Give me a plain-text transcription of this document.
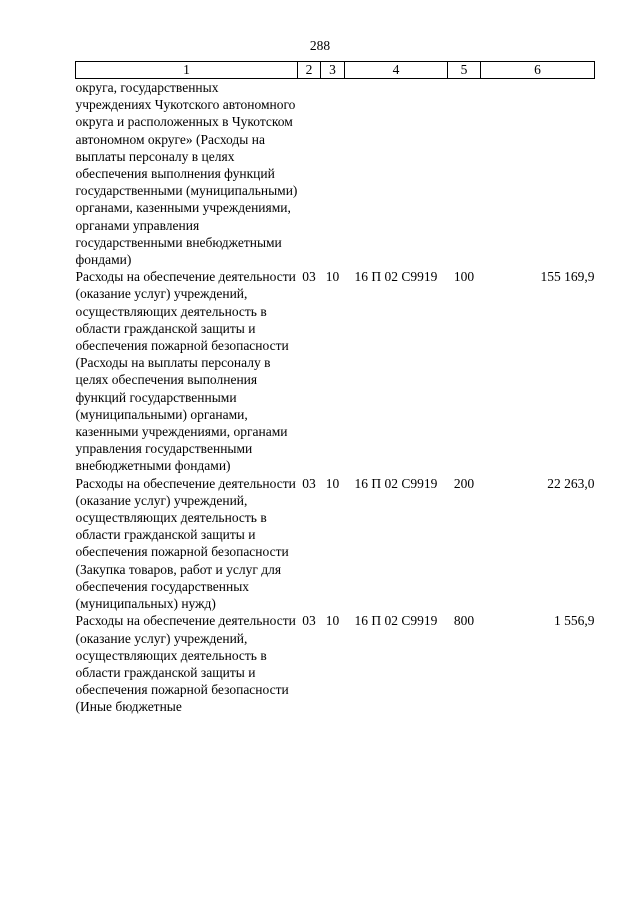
288
1	2	3	4	5	6
округа, государственных учреждениях Чукотского автономного округа и расположенных в Чукотском автономном округе» (Расходы на выплаты персоналу в целях обеспечения выполнения функций государственными (муниципальными) органами, казенными учреждениями, органами управления государственными внебюджетными фондами)					
Расходы на обеспечение деятельности (оказание услуг) учреждений, осуществляющих деятельность в области гражданской защиты и обеспечения пожарной безопасности (Расходы на выплаты персоналу в целях обеспечения выполнения функций государственными (муниципальными) органами, казенными учреждениями, органами управления государственными внебюджетными фондами)	03	10	16 П 02 С9919	100	155 169,9
Расходы на обеспечение деятельности (оказание услуг) учреждений, осуществляющих деятельность в области гражданской защиты и обеспечения пожарной безопасности (Закупка товаров, работ и услуг для обеспечения государственных (муниципальных) нужд)	03	10	16 П 02 С9919	200	22 263,0
Расходы на обеспечение деятельности (оказание услуг) учреждений, осуществляющих деятельность в области гражданской защиты и обеспечения пожарной безопасности (Иные бюджетные	03	10	16 П 02 С9919	800	1 556,9
